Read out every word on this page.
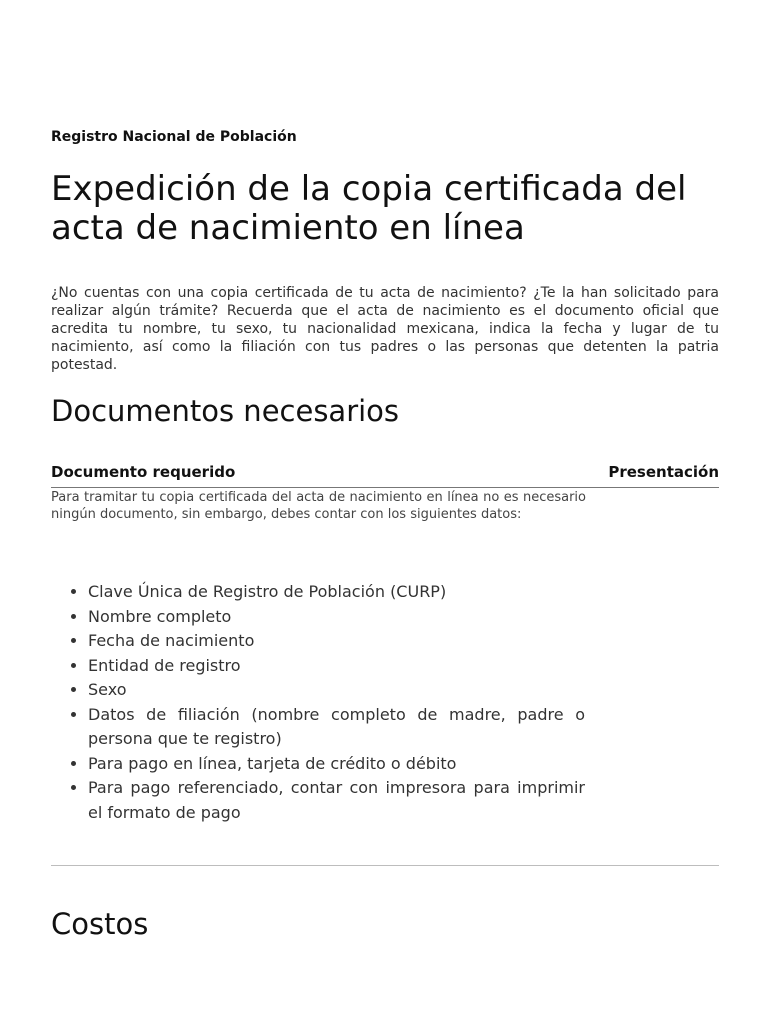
Registro Nacional de Población

Expedición de la copia certificada del acta de nacimiento en línea

¿No cuentas con una copia certificada de tu acta de nacimiento? ¿Te la han solicitado para realizar algún trámite? Recuerda que el acta de nacimiento es el documento oficial que acredita tu nombre, tu sexo, tu nacionalidad mexicana, indica la fecha y lugar de tu nacimiento, así como la filiación con tus padres o las personas que detenten la patria potestad.

Documentos necesarios
Documento requerido	Presentación

Para tramitar tu copia certificada del acta de nacimiento en línea no es necesario ningún documento, sin embargo, debes contar con los siguientes datos:

• Clave Única de Registro de Población (CURP)
• Nombre completo
• Fecha de nacimiento
• Entidad de registro
• Sexo
• Datos de filiación (nombre completo de madre, padre o persona que te registro)
• Para pago en línea, tarjeta de crédito o débito
• Para pago referenciado, contar con impresora para imprimir el formato de pago
Costos
